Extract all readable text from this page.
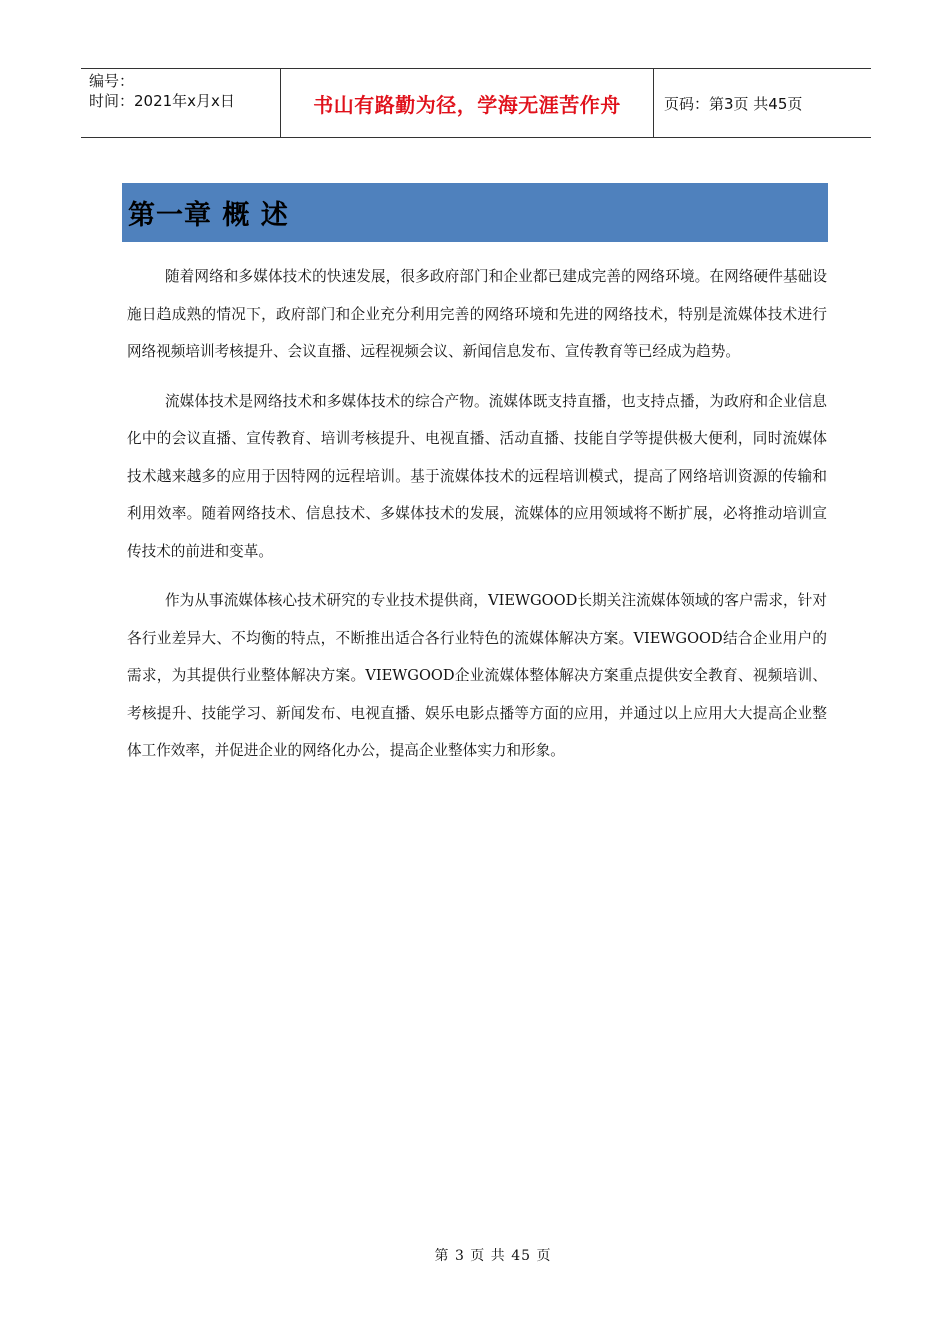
编号：
时间：2021年x月x日	书山有路勤为径，学海无涯苦作舟	页码：第3页 共45页
第一章 概 述

随着网络和多媒体技术的快速发展，很多政府部门和企业都已建成完善的网络环境。在网络硬件基础设施日趋成熟的情况下，政府部门和企业充分利用完善的网络环境和先进的网络技术，特别是流媒体技术进行网络视频培训考核提升、会议直播、远程视频会议、新闻信息发布、宣传教育等已经成为趋势。

流媒体技术是网络技术和多媒体技术的综合产物。流媒体既支持直播，也支持点播，为政府和企业信息化中的会议直播、宣传教育、培训考核提升、电视直播、活动直播、技能自学等提供极大便利，同时流媒体技术越来越多的应用于因特网的远程培训。基于流媒体技术的远程培训模式，提高了网络培训资源的传输和利用效率。随着网络技术、信息技术、多媒体技术的发展，流媒体的应用领域将不断扩展，必将推动培训宣传技术的前进和变革。

作为从事流媒体核心技术研究的专业技术提供商，VIEWGOOD长期关注流媒体领域的客户需求，针对各行业差异大、不均衡的特点，不断推出适合各行业特色的流媒体解决方案。VIEWGOOD结合企业用户的需求，为其提供行业整体解决方案。VIEWGOOD企业流媒体整体解决方案重点提供安全教育、视频培训、考核提升、技能学习、新闻发布、电视直播、娱乐电影点播等方面的应用，并通过以上应用大大提高企业整体工作效率，并促进企业的网络化办公，提高企业整体实力和形象。

第 3 页 共 45 页
